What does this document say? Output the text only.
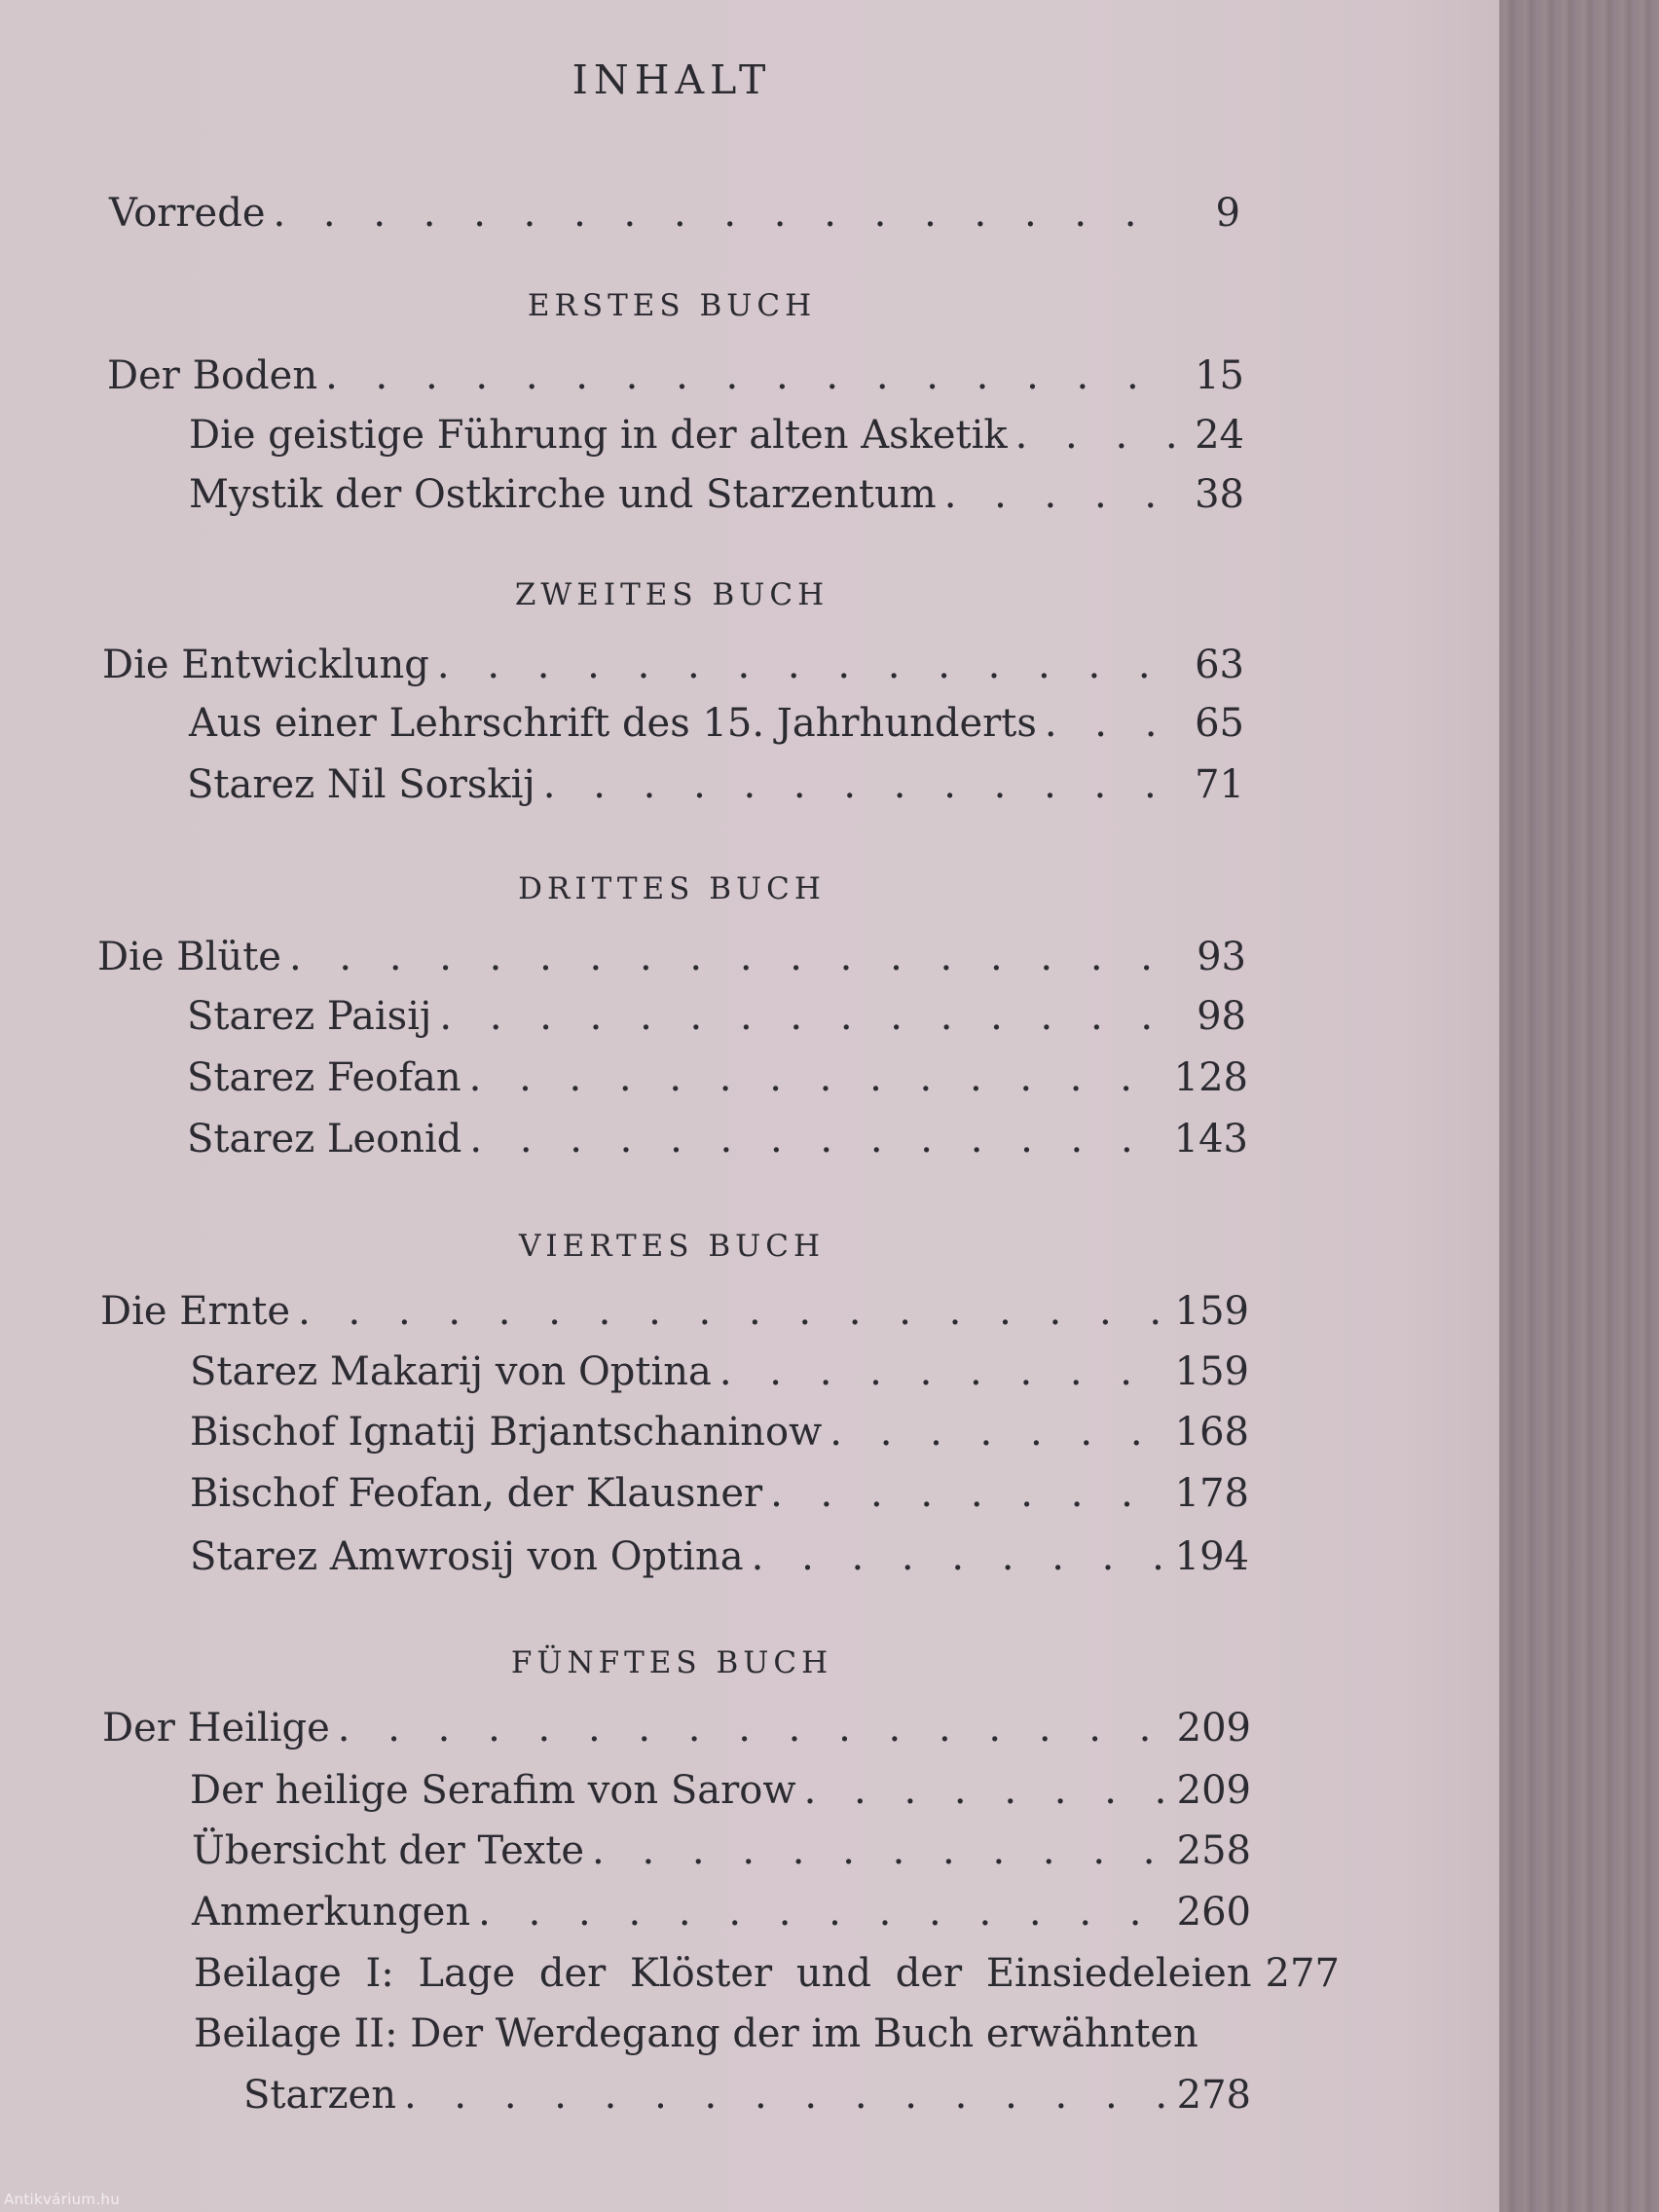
INHALT
Vorrede . . .	9
ERSTES BUCH
Der Boden . . .	15
Die geistige Führung in der alten Asketik . . .	24
Mystik der Ostkirche und Starzentum . . .	38
ZWEITES BUCH
Die Entwicklung . . .	63
Aus einer Lehrschrift des 15. Jahrhunderts . . .	65
Starez Nil Sorskij . . .	71
DRITTES BUCH
Die Blüte . . .	93
Starez Paisij . . .	98
Starez Feofan . . .	128
Starez Leonid . . .	143
VIERTES BUCH
Die Ernte . . .	159
Starez Makarij von Optina . . .	159
Bischof Ignatij Brjantschaninow . . .	168
Bischof Feofan, der Klausner . . .	178
Starez Amwrosij von Optina . . .	194
FÜNFTES BUCH
Der Heilige . . .	209
Der heilige Serafim von Sarow . . .	209
Übersicht der Texte . . .	258
Anmerkungen . . .	260
Beilage I: Lage der Klöster und der Einsiedeleien 277
Beilage II: Der Werdegang der im Buch erwähnten
Starzen . . .	278
Antikvárium.hu
